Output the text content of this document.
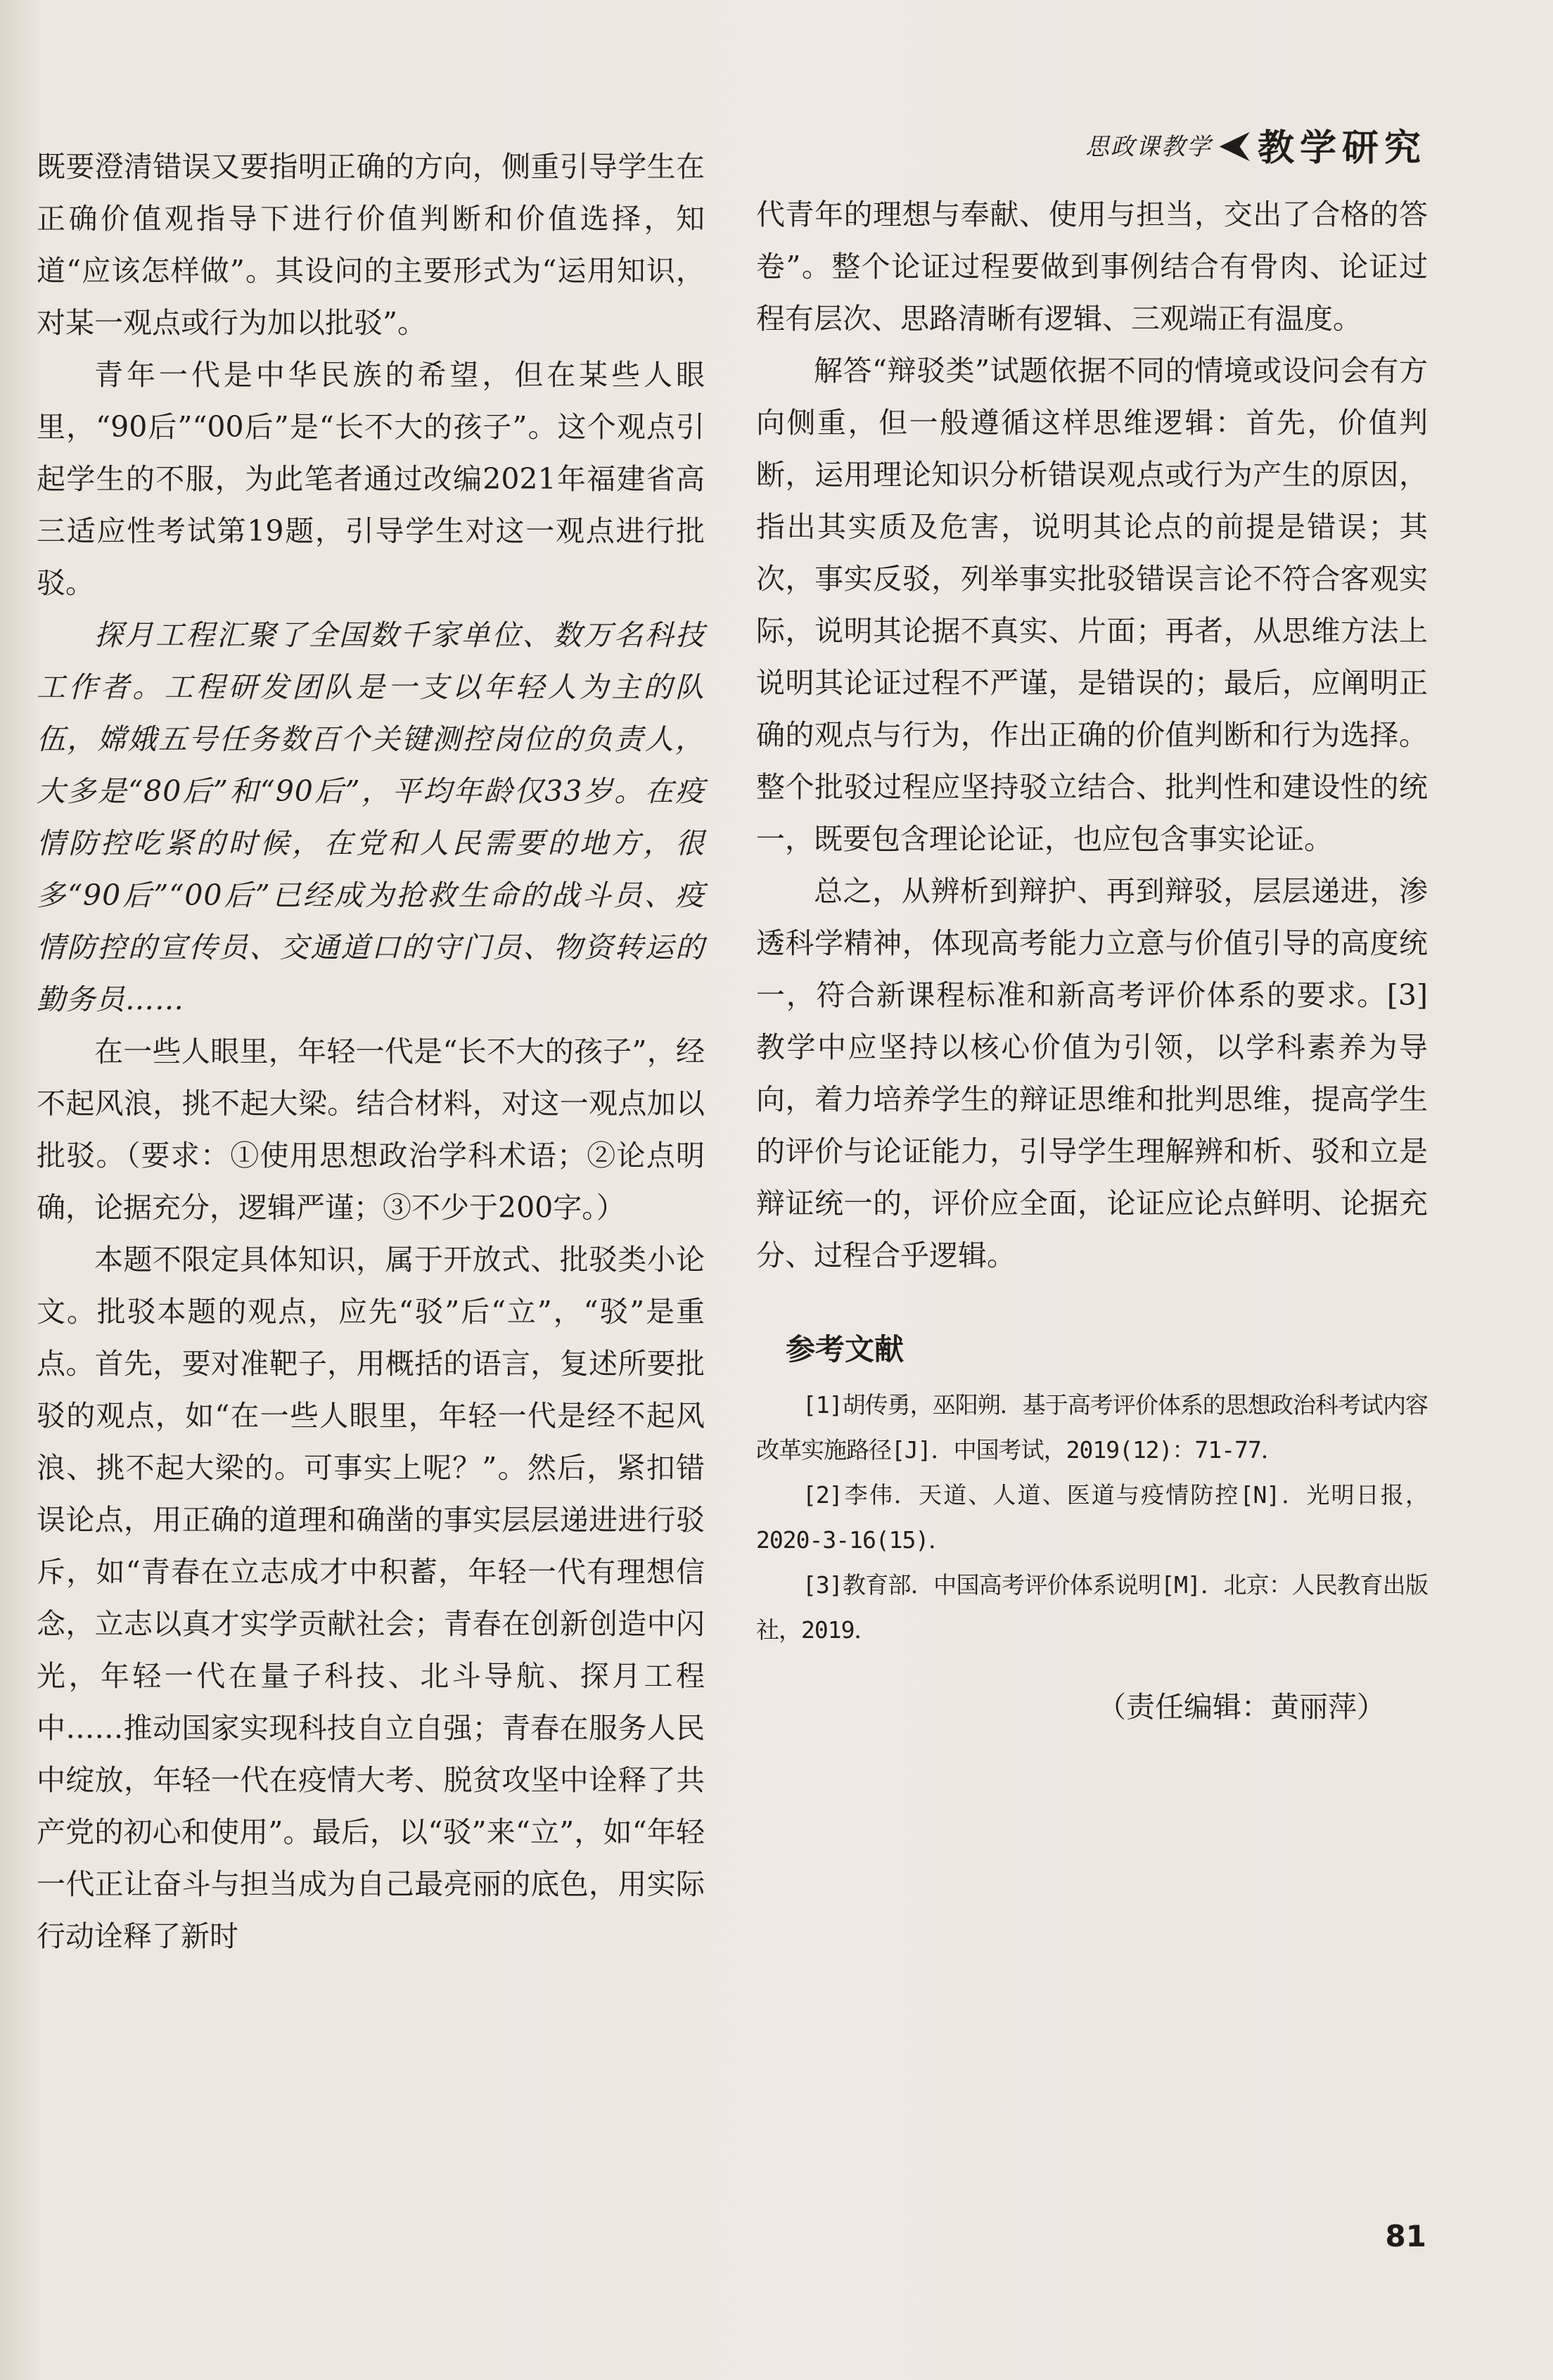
思政课教学 ⮜ 教学研究

既要澄清错误又要指明正确的方向，侧重引导学生在正确价值观指导下进行价值判断和价值选择，知道“应该怎样做”。其设问的主要形式为“运用知识，对某一观点或行为加以批驳”。

青年一代是中华民族的希望，但在某些人眼里，“90后”“00后”是“长不大的孩子”。这个观点引起学生的不服，为此笔者通过改编2021年福建省高三适应性考试第19题，引导学生对这一观点进行批驳。

探月工程汇聚了全国数千家单位、数万名科技工作者。工程研发团队是一支以年轻人为主的队伍，嫦娥五号任务数百个关键测控岗位的负责人，大多是“80后”和“90后”，平均年龄仅33岁。在疫情防控吃紧的时候，在党和人民需要的地方，很多“90后”“00后”已经成为抢救生命的战斗员、疫情防控的宣传员、交通道口的守门员、物资转运的勤务员……

在一些人眼里，年轻一代是“长不大的孩子”，经不起风浪，挑不起大梁。结合材料，对这一观点加以批驳。（要求：①使用思想政治学科术语；②论点明确，论据充分，逻辑严谨；③不少于200字。）

本题不限定具体知识，属于开放式、批驳类小论文。批驳本题的观点，应先“驳”后“立”，“驳”是重点。首先，要对准靶子，用概括的语言，复述所要批驳的观点，如“在一些人眼里，年轻一代是经不起风浪、挑不起大梁的。可事实上呢？”。然后，紧扣错误论点，用正确的道理和确凿的事实层层递进进行驳斥，如“青春在立志成才中积蓄，年轻一代有理想信念，立志以真才实学贡献社会；青春在创新创造中闪光，年轻一代在量子科技、北斗导航、探月工程中……推动国家实现科技自立自强；青春在服务人民中绽放，年轻一代在疫情大考、脱贫攻坚中诠释了共产党的初心和使用”。最后，以“驳”来“立”，如“年轻一代正让奋斗与担当成为自己最亮丽的底色，用实际行动诠释了新时

代青年的理想与奉献、使用与担当，交出了合格的答卷”。整个论证过程要做到事例结合有骨肉、论证过程有层次、思路清晰有逻辑、三观端正有温度。

解答“辩驳类”试题依据不同的情境或设问会有方向侧重，但一般遵循这样思维逻辑：首先，价值判断，运用理论知识分析错误观点或行为产生的原因，指出其实质及危害，说明其论点的前提是错误；其次，事实反驳，列举事实批驳错误言论不符合客观实际，说明其论据不真实、片面；再者，从思维方法上说明其论证过程不严谨，是错误的；最后，应阐明正确的观点与行为，作出正确的价值判断和行为选择。整个批驳过程应坚持驳立结合、批判性和建设性的统一，既要包含理论论证，也应包含事实论证。

总之，从辨析到辩护、再到辩驳，层层递进，渗透科学精神，体现高考能力立意与价值引导的高度统一，符合新课程标准和新高考评价体系的要求。[3]教学中应坚持以核心价值为引领，以学科素养为导向，着力培养学生的辩证思维和批判思维，提高学生的评价与论证能力，引导学生理解辨和析、驳和立是辩证统一的，评价应全面，论证应论点鲜明、论据充分、过程合乎逻辑。

参考文献

[1]胡传勇，巫阳朔．基于高考评价体系的思想政治科考试内容改革实施路径[J]．中国考试，2019(12)：71-77．

[2]李伟．天道、人道、医道与疫情防控[N]．光明日报，2020-3-16(15)．

[3]教育部．中国高考评价体系说明[M]．北京：人民教育出版社，2019．

（责任编辑：黄丽萍）
81
